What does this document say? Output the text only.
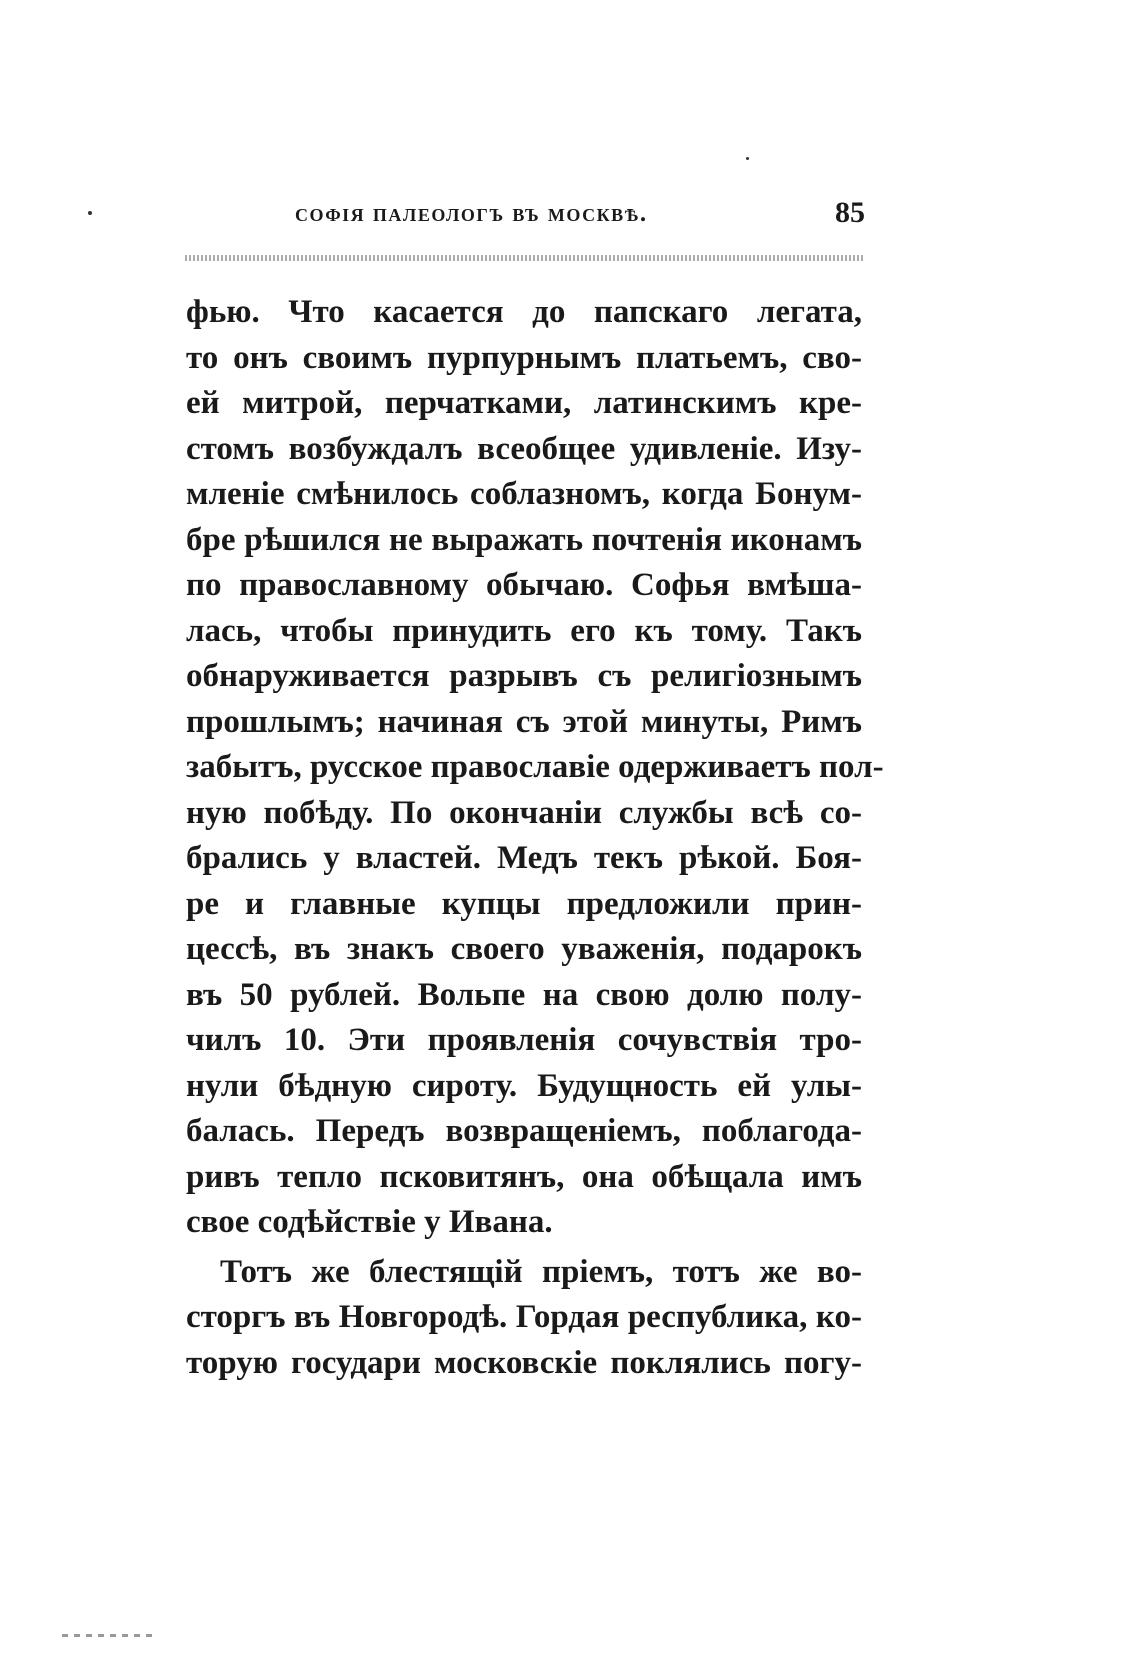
софія палеологъ въ москвѣ.	85
фью. Что касается до папскаго легата,
то онъ своимъ пурпурнымъ платьемъ, сво-
ей митрой, перчатками, латинскимъ кре-
стомъ возбуждалъ всеобщее удивленіе. Изу-
мленіе смѣнилось соблазномъ, когда Бонум-
бре рѣшился не выражать почтенія иконамъ
по православному обычаю. Софья вмѣша-
лась, чтобы принудить его къ тому. Такъ
обнаруживается разрывъ съ религіознымъ
прошлымъ; начиная съ этой минуты, Римъ
забытъ, русское православіе одерживаетъ пол-
ную побѣду. По окончаніи службы всѣ со-
брались у властей. Медъ текъ рѣкой. Боя-
ре и главные купцы предложили прин-
цессѣ, въ знакъ своего уваженія, подарокъ
въ 50 рублей. Вольпе на свою долю полу-
чилъ 10. Эти проявленія сочувствія тро-
нули бѣдную сироту. Будущность ей улы-
балась. Передъ возвращеніемъ, поблагода-
ривъ тепло псковитянъ, она обѣщала имъ
свое содѣйствіе у Ивана.
Тотъ же блестящій пріемъ, тотъ же во-
сторгъ въ Новгородѣ. Гордая республика, ко-
торую государи московскіе поклялись погу-
